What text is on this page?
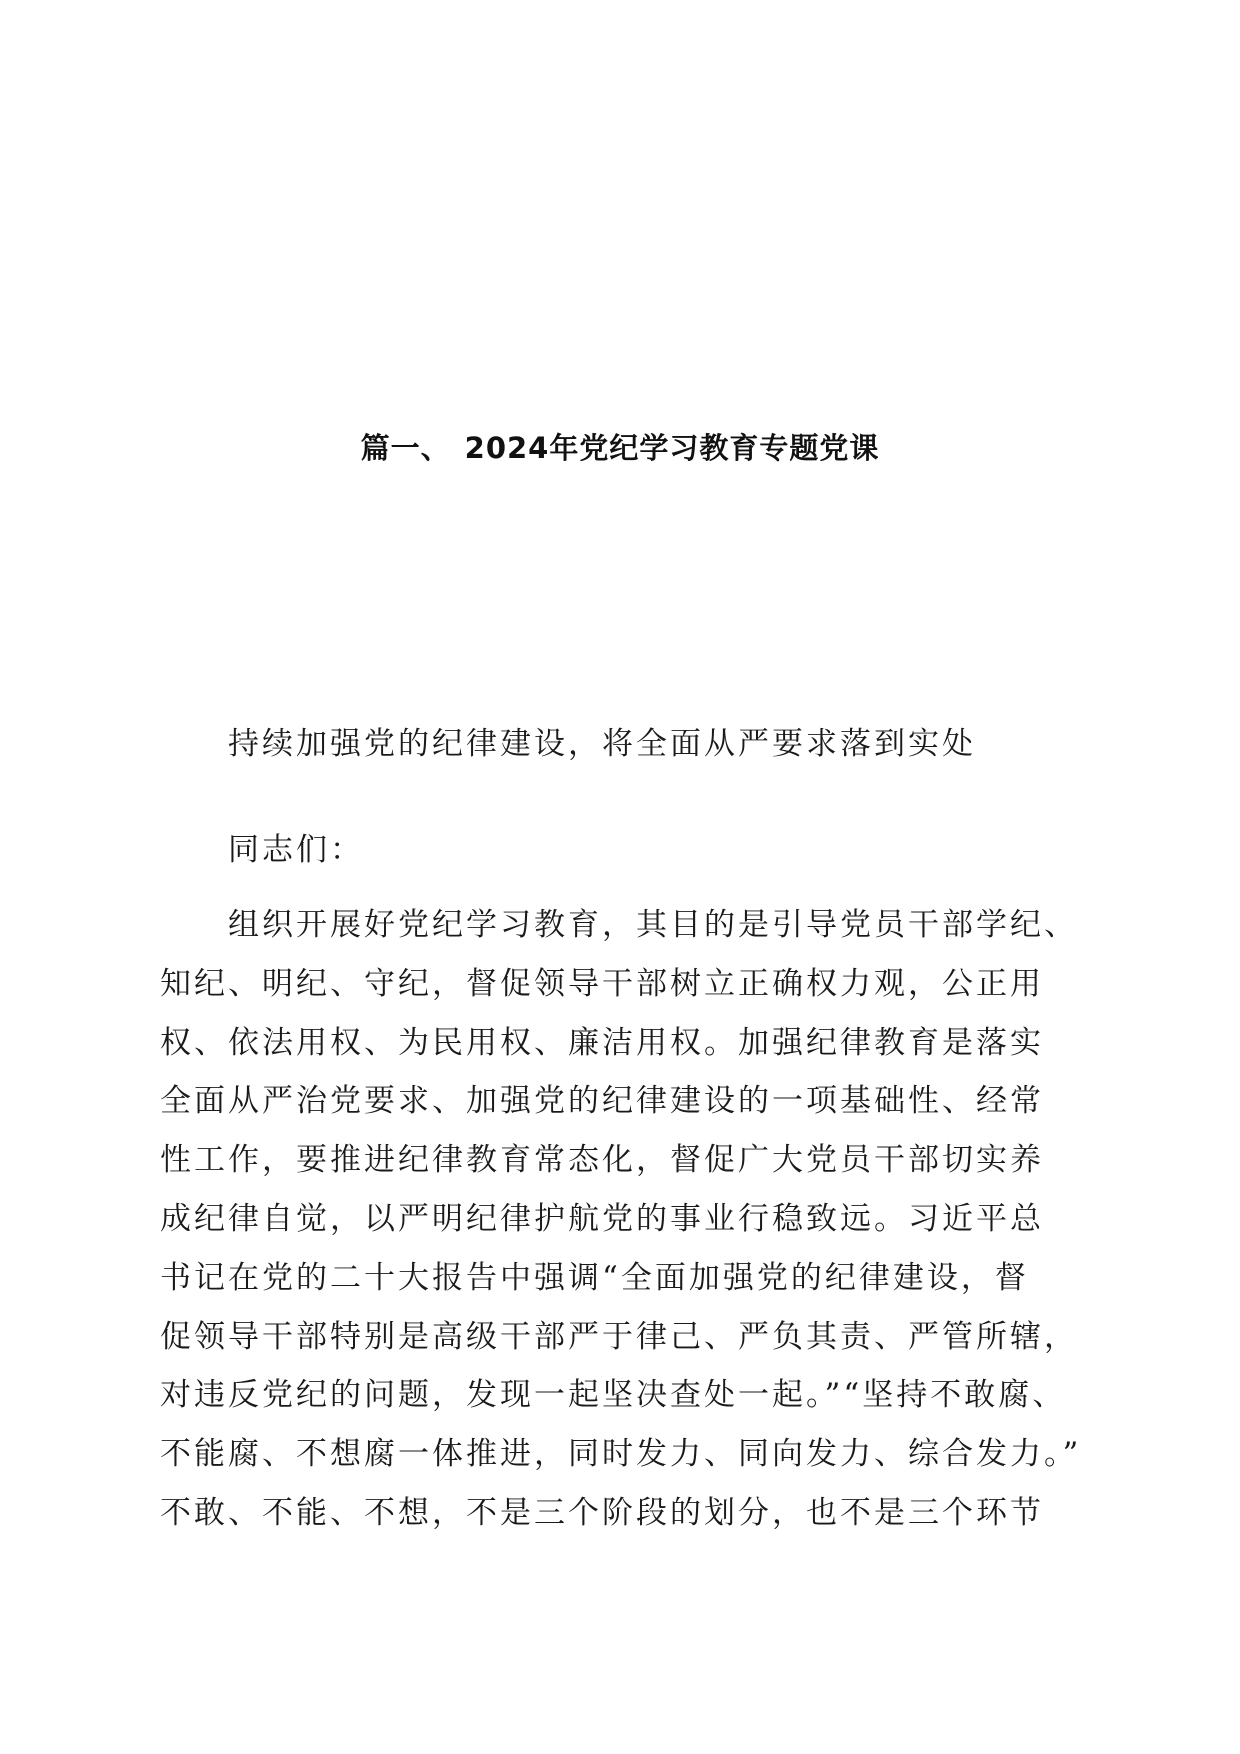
篇一、 2024年党纪学习教育专题党课
持续加强党的纪律建设，将全面从严要求落到实处
同志们：
组织开展好党纪学习教育，其目的是引导党员干部学纪、
知纪、明纪、守纪，督促领导干部树立正确权力观，公正用
权、依法用权、为民用权、廉洁用权。加强纪律教育是落实
全面从严治党要求、加强党的纪律建设的一项基础性、经常
性工作，要推进纪律教育常态化，督促广大党员干部切实养
成纪律自觉，以严明纪律护航党的事业行稳致远。习近平总
书记在党的二十大报告中强调“全面加强党的纪律建设，督
促领导干部特别是高级干部严于律己、严负其责、严管所辖，
对违反党纪的问题，发现一起坚决查处一起。”“坚持不敢腐、
不能腐、不想腐一体推进，同时发力、同向发力、综合发力。”
不敢、不能、不想，不是三个阶段的划分，也不是三个环节
